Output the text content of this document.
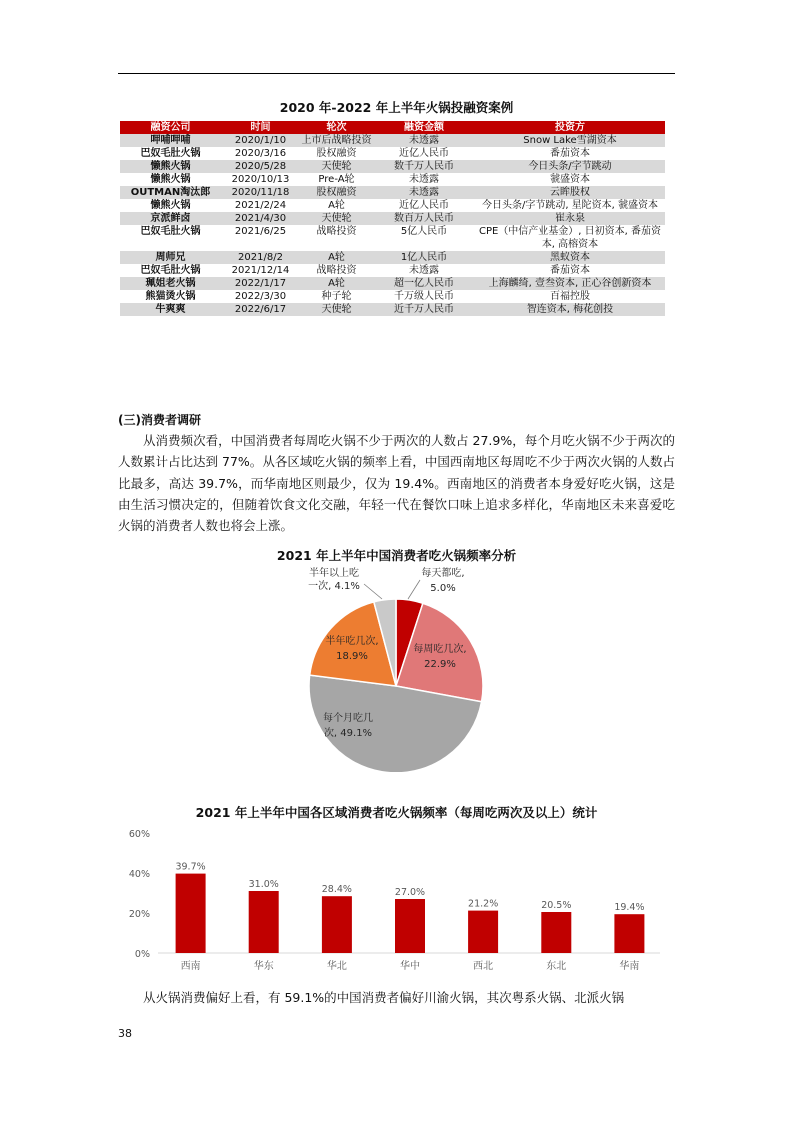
2020 年-2022 年上半年火锅投融资案例
融资公司	时间	轮次	融资金额	投资方
呷哺呷哺	2020/1/10	上市后战略投资	未透露	Snow Lake雪湖资本
巴奴毛肚火锅	2020/3/16	股权融资	近亿人民币	番茄资本
懒熊火锅	2020/5/28	天使轮	数千万人民币	今日头条/字节跳动
懒熊火锅	2020/10/13	Pre-A轮	未透露	虢盛资本
OUTMAN淘汰郎	2020/11/18	股权融资	未透露	云眸股权
懒熊火锅	2021/2/24	A轮	近亿人民币	今日头条/字节跳动, 星陀资本, 虢盛资本
京派鲜卤	2021/4/30	天使轮	数百万人民币	崔永泉
巴奴毛肚火锅	2021/6/25	战略投资	5亿人民币	CPE（中信产业基金）, 日初资本, 番茄资本, 高榕资本
周师兄	2021/8/2	A轮	1亿人民币	黑蚁资本
巴奴毛肚火锅	2021/12/14	战略投资	未透露	番茄资本
珮姐老火锅	2022/1/17	A轮	超一亿人民币	上海麟绮, 壹叁资本, 正心谷创新资本
熊猫烫火锅	2022/3/30	种子轮	千万级人民币	百福控股
牛爽爽	2022/6/17	天使轮	近千万人民币	智连资本, 梅花创投
(三)消费者调研

从消费频次看，中国消费者每周吃火锅不少于两次的人数占 27.9%，每个月吃火锅不少于两次的人数累计占比达到 77%。从各区域吃火锅的频率上看，中国西南地区每周吃不少于两次火锅的人数占比最多，高达 39.7%，而华南地区则最少，仅为 19.4%。西南地区的消费者本身爱好吃火锅，这是由生活习惯决定的，但随着饮食文化交融，年轻一代在餐饮口味上追求多样化，华南地区未来喜爱吃火锅的消费者人数也将会上涨。

2021 年上半年中国消费者吃火锅频率分析
每天都吃, 5.0%
每周吃几次, 22.9%
每个月吃几次, 49.1%
半年吃几次, 18.9%
半年以上吃一次, 4.1%
2021 年上半年中国各区域消费者吃火锅频率（每周吃两次及以上）统计
0%
20%
40%
60%
39.7%
西南
31.0%
华东
28.4%
华北
27.0%
华中
21.2%
西北
20.5%
东北
19.4%
华南

从火锅消费偏好上看，有 59.1%的中国消费者偏好川渝火锅，其次粤系火锅、北派火锅

38
